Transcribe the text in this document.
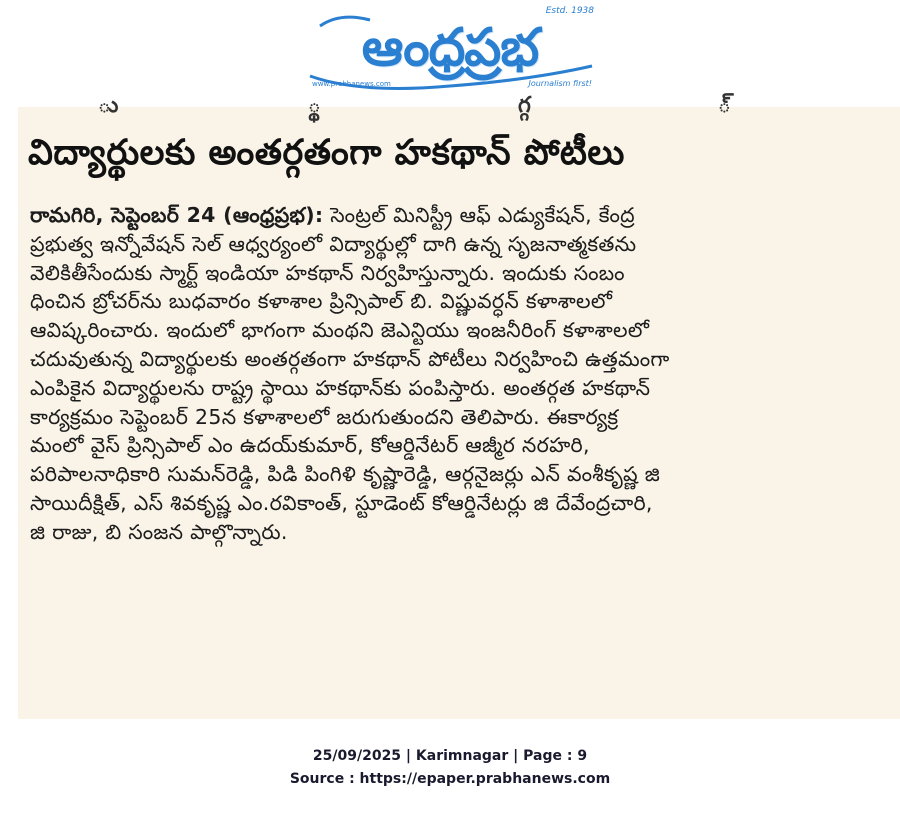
ఆంధ్రప్రభ
Estd. 1938
www.prabhanews.com	Journalism first!
ు	్థ	గ్గ	్
విద్యార్థులకు అంతర్గతంగా హకథాన్ పోటీలు
రామగిరి, సెప్టెంబర్ 24 (ఆంధ్రప్రభ): సెంట్రల్ మినిస్ట్రీ ఆఫ్ ఎడ్యుకేషన్, కేంద్ర
ప్రభుత్వ ఇన్నోవేషన్ సెల్ ఆధ్వర్యంలో విద్యార్థుల్లో దాగి ఉన్న సృజనాత్మకతను
వెలికితీసేందుకు స్మార్ట్ ఇండియా హకథాన్ నిర్వహిస్తున్నారు. ఇందుకు సంబం
ధించిన బ్రోచర్‌ను బుధవారం కళాశాల ప్రిన్సిపాల్ బి. విష్ణువర్ధన్ కళాశాలలో
ఆవిష్కరించారు. ఇందులో భాగంగా మంథని జెఎన్టియు ఇంజనీరింగ్ కళాశాలలో
చదువుతున్న విద్యార్థులకు అంతర్గతంగా హకథాన్ పోటీలు నిర్వహించి ఉత్తమంగా
ఎంపికైన విద్యార్థులను రాష్ట్ర స్థాయి హకథాన్‌కు పంపిస్తారు. అంతర్గత హకథాన్
కార్యక్రమం సెప్టెంబర్ 25న కళాశాలలో జరుగుతుందని తెలిపారు. ఈకార్యక్ర
మంలో వైస్ ప్రిన్సిపాల్ ఎం ఉదయ్‌కుమార్, కోఆర్డినేటర్ ఆజ్మీర నరహరి,
పరిపాలనాధికారి సుమన్‌రెడ్డి, పిడి పింగిళి కృష్ణారెడ్డి, ఆర్గనైజర్లు ఎన్ వంశీకృష్ణ జి
సాయిదీక్షిత్, ఎస్ శివకృష్ణ ఎం.రవికాంత్, స్టూడెంట్ కోఆర్డినేటర్లు జి దేవేంద్రచారి,
జి రాజు, బి సంజన పాల్గొన్నారు.
25/09/2025 | Karimnagar | Page : 9
Source : https://epaper.prabhanews.com
